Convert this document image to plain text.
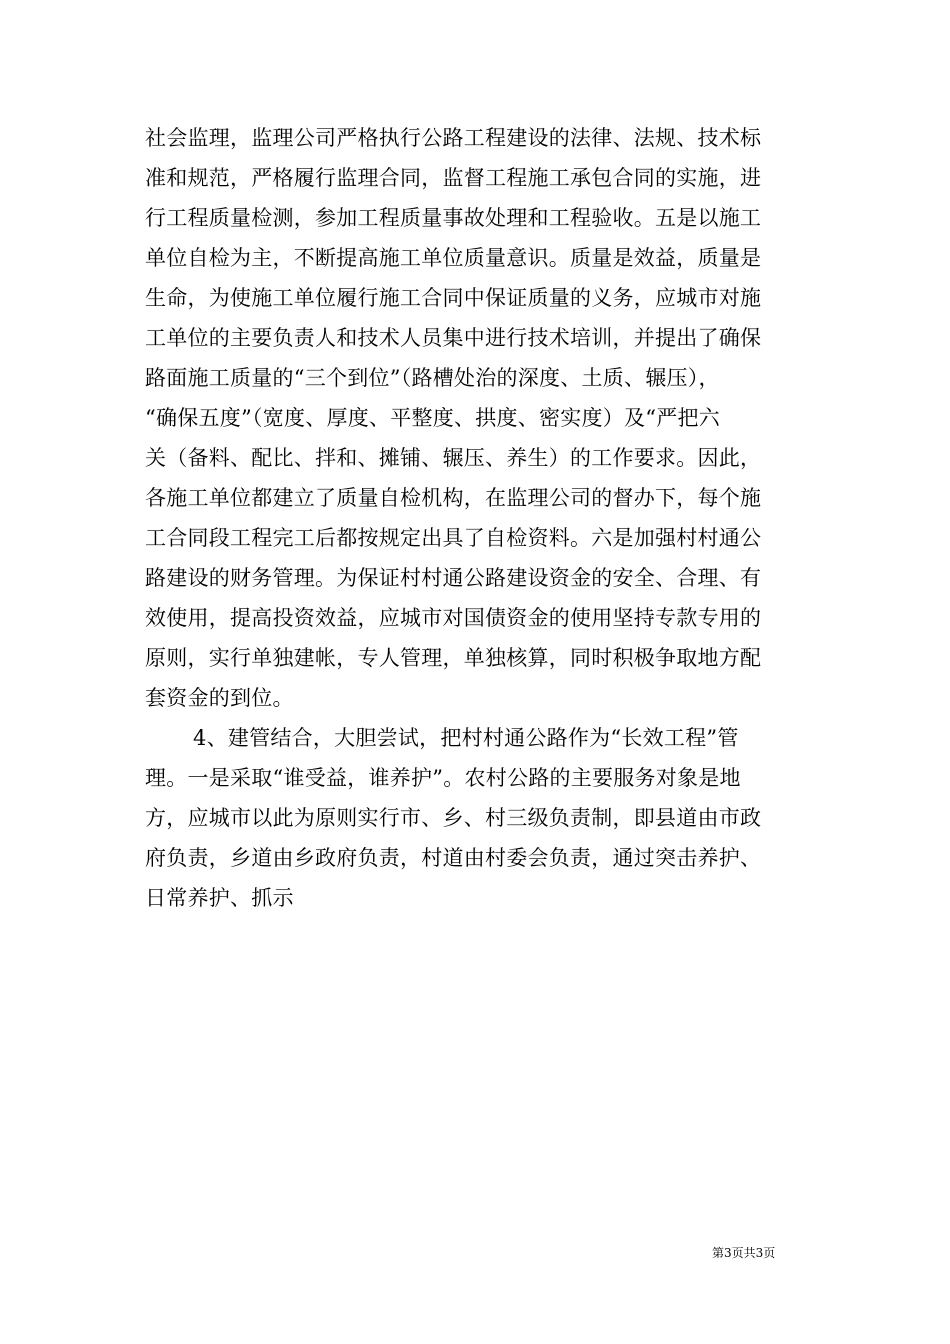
社会监理，监理公司严格执行公路工程建设的法律、法规、技术标
准和规范，严格履行监理合同，监督工程施工承包合同的实施，进
行工程质量检测，参加工程质量事故处理和工程验收。五是以施工
单位自检为主，不断提高施工单位质量意识。质量是效益，质量是
生命，为使施工单位履行施工合同中保证质量的义务，应城市对施
工单位的主要负责人和技术人员集中进行技术培训，并提出了确保
路面施工质量的“三个到位”（路槽处治的深度、土质、辗压），
“确保五度”（宽度、厚度、平整度、拱度、密实度）及“严把六
关（备料、配比、拌和、摊铺、辗压、养生）的工作要求。因此，
各施工单位都建立了质量自检机构，在监理公司的督办下，每个施
工合同段工程完工后都按规定出具了自检资料。六是加强村村通公
路建设的财务管理。为保证村村通公路建设资金的安全、合理、有
效使用，提高投资效益，应城市对国债资金的使用坚持专款专用的
原则，实行单独建帐，专人管理，单独核算，同时积极争取地方配
套资金的到位。
4、建管结合，大胆尝试，把村村通公路作为“长效工程”管
理。一是采取“谁受益，谁养护”。农村公路的主要服务对象是地
方，应城市以此为原则实行市、乡、村三级负责制，即县道由市政
府负责，乡道由乡政府负责，村道由村委会负责，通过突击养护、
日常养护、抓示
第3页共3页
